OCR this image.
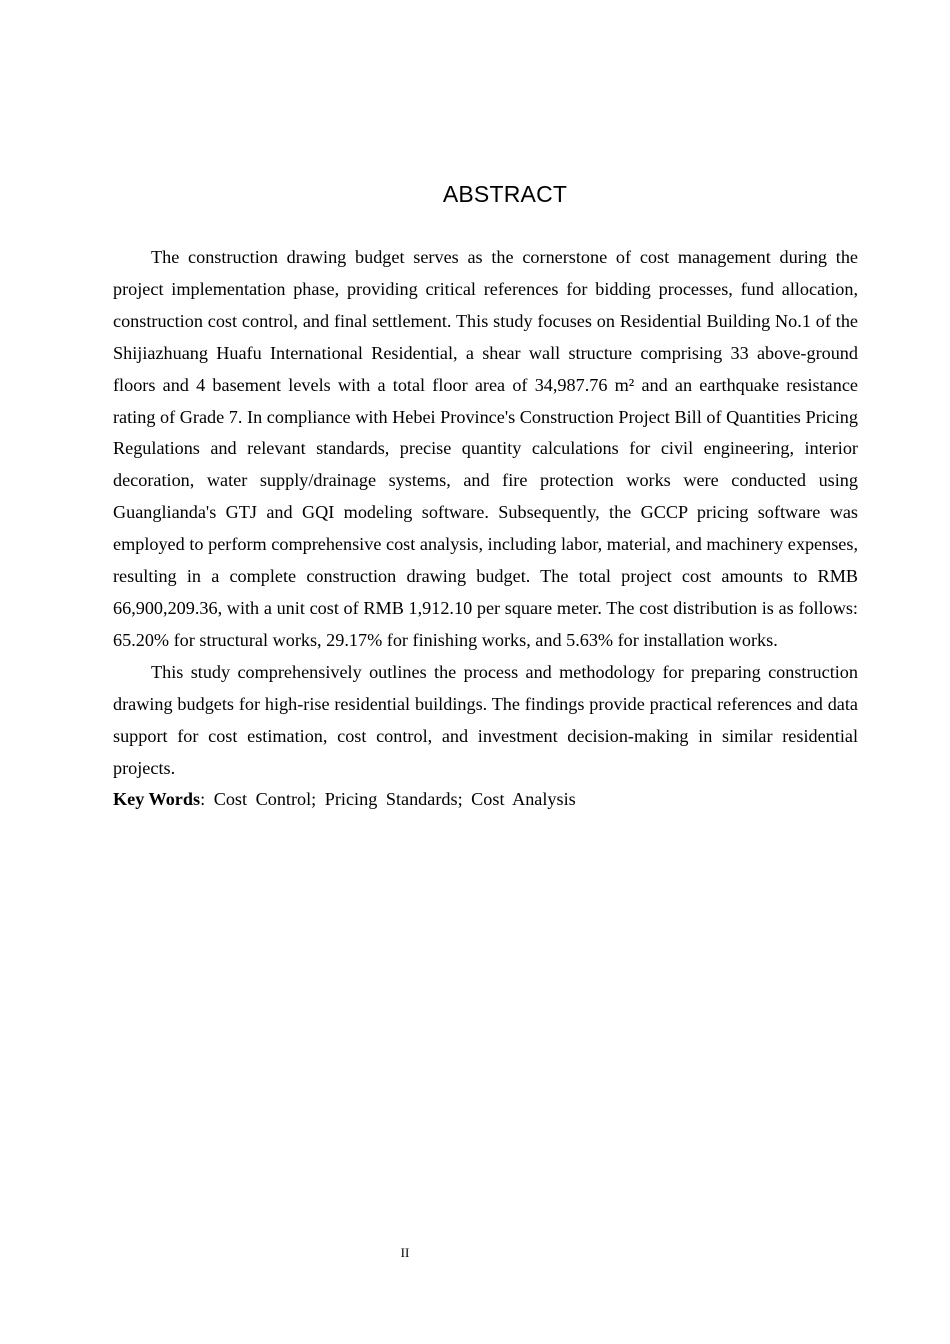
ABSTRACT

The construction drawing budget serves as the cornerstone of cost management during the project implementation phase, providing critical references for bidding processes, fund allocation, construction cost control, and final settlement. This study focuses on Residential Building No.1 of the Shijiazhuang Huafu International Residential, a shear wall structure comprising 33 above-ground floors and 4 basement levels with a total floor area of 34,987.76 m² and an earthquake resistance rating of Grade 7. In compliance with Hebei Province's Construction Project Bill of Quantities Pricing Regulations and relevant standards, precise quantity calculations for civil engineering, interior decoration, water supply/drainage systems, and fire protection works were conducted using Guanglianda's GTJ and GQI modeling software. Subsequently, the GCCP pricing software was employed to perform comprehensive cost analysis, including labor, material, and machinery expenses, resulting in a complete construction drawing budget. The total project cost amounts to RMB 66,900,209.36, with a unit cost of RMB 1,912.10 per square meter. The cost distribution is as follows: 65.20% for structural works, 29.17% for finishing works, and 5.63% for installation works.

This study comprehensively outlines the process and methodology for preparing construction drawing budgets for high-rise residential buildings. The findings provide practical references and data support for cost estimation, cost control, and investment decision-making in similar residential projects.

Key Words: Cost Control; Pricing Standards; Cost Analysis

II
